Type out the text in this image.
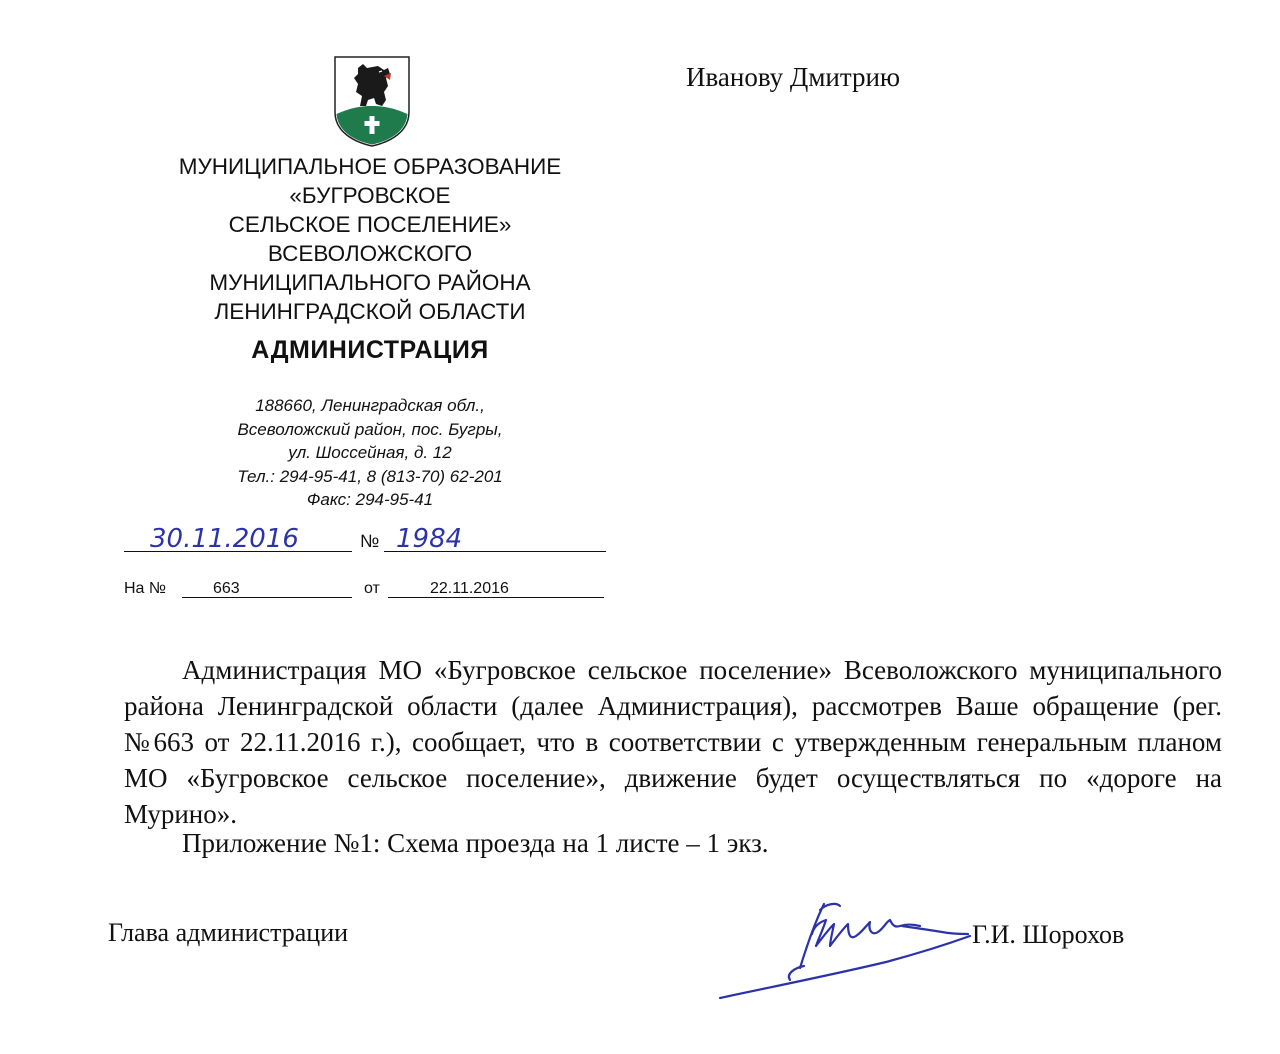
Иванову Дмитрию
МУНИЦИПАЛЬНОЕ ОБРАЗОВАНИЕ
«БУГРОВСКОЕ
СЕЛЬСКОЕ ПОСЕЛЕНИЕ»
ВСЕВОЛОЖСКОГО
МУНИЦИПАЛЬНОГО РАЙОНА
ЛЕНИНГРАДСКОЙ ОБЛАСТИ
АДМИНИСТРАЦИЯ
188660, Ленинградская обл.,
Всеволожский район, пос. Бугры,
ул. Шоссейная, д. 12
Тел.: 294-95-41, 8 (813-70) 62-201
Факс: 294-95-41
30.11.2016	№ 1984
На №	663	от	22.11.2016

Администрация МО «Бугровское сельское поселение» Всеволожского муниципального района Ленинградской области (далее Администрация), рассмотрев Ваше обращение (рег. №663 от 22.11.2016 г.), сообщает, что в соответствии с утвержденным генеральным планом МО «Бугровское сельское поселение», движение будет осуществляться по «дороге на Мурино».

Приложение №1: Схема проезда на 1 листе – 1 экз.
Глава администрации	Г.И. Шорохов
